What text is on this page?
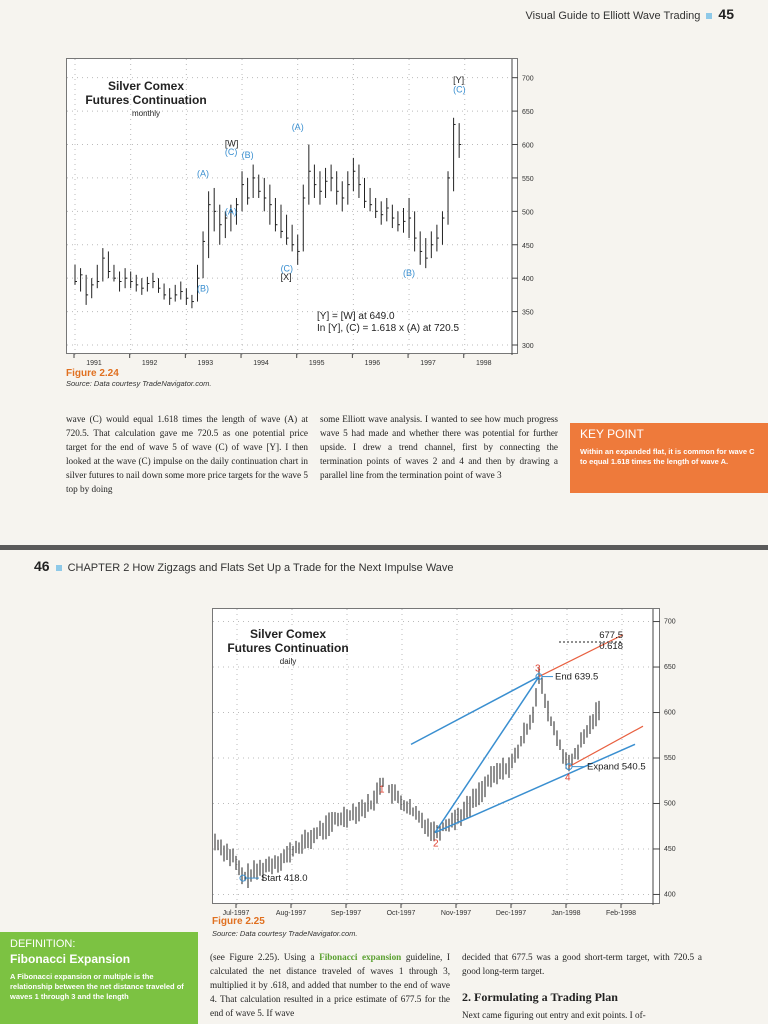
Visual Guide to Elliott Wave Trading 45
300
350
400
450
500
550
600
650
700
[Y]
(C)
(A)
[W]
(C) (B)
(A)
(A)
(C)
[X]	(B)
(B)
Silver Comex
Futures Continuation
monthly
[Y] = [W] at 649.0
In [Y], (C) = 1.618 x (A) at 720.5
Figure 2.24
Source: Data courtesy TradeNavigator.com.
wave (C) would equal 1.618 times the length of wave (A) at 720.5. That calculation gave me 720.5 as one potential price target for the end of wave 5 of wave (C) of wave [Y]. I then looked at the wave (C) impulse on the daily continuation chart in silver futures to nail down some more price targets for the wave 5 top by doing
some Elliott wave analysis. I wanted to see how much progress wave 5 had made and whether there was potential for further upside. I drew a trend channel, first by connecting the termination points of waves 2 and 4 and then by drawing a parallel line from the termination point of wave 3
KEY POINT
Within an expanded flat, it is common for wave C to equal 1.618 times the length of wave A.
1991	1992	1993	1994	1995	1996	1997	1998
46 CHAPTER 2 How Zigzags and Flats Set Up a Trade for the Next Impulse Wave
Start 418.0
End 639.5
Expand 540.5
677.5
0.618
1
2
3
4
Silver Comex
Futures Continuation
daily
Figure 2.25
Source: Data courtesy TradeNavigator.com.
DEFINITION:
Fibonacci Expansion
A Fibonacci expansion or multiple is the relationship between the net distance traveled of waves 1 through 3 and the length
(see Figure 2.25). Using a Fibonacci expansion guideline, I calculated the net distance traveled of waves 1 through 3, multiplied it by .618, and added that number to the end of wave 4. That calculation resulted in a price estimate of 677.5 for the end of wave 5. If wave
decided that 677.5 was a good short-term target, with 720.5 a good long-term target.
2. Formulating a Trading Plan
Next came figuring out entry and exit points. I of-
400
450
500
550
600
650
700
Jul-1997	Aug-1997	Sep-1997	Oct-1997	Nov-1997	Dec-1997	Jan-1998	Feb-1998
